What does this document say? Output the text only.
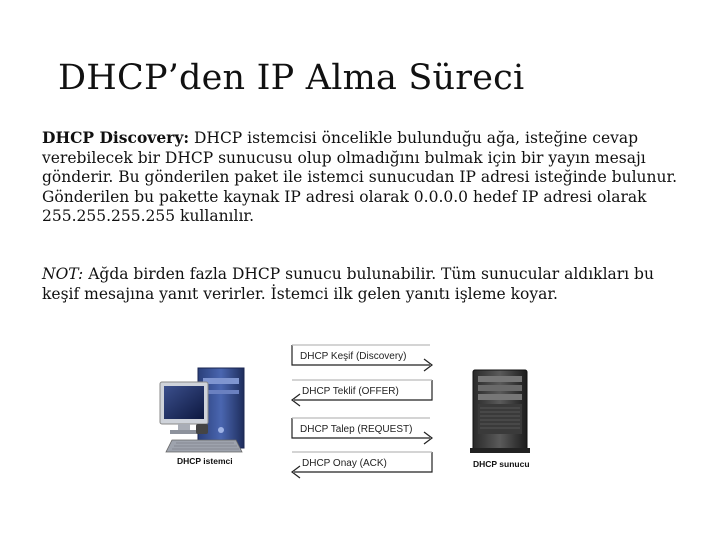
DHCP’den IP Alma Süreci
DHCP Discovery: DHCP istemcisi öncelikle bulunduğu ağa, isteğine cevap verebilecek bir DHCP sunucusu olup olmadığını bulmak için bir yayın mesajı gönderir. Bu gönderilen paket ile istemci sunucudan IP adresi isteğinde bulunur. Gönderilen bu pakette kaynak IP adresi olarak 0.0.0.0 hedef IP adresi olarak 255.255.255.255 kullanılır.
NOT: Ağda birden fazla DHCP sunucu bulunabilir. Tüm sunucular aldıkları bu keşif mesajına yanıt verirler. İstemci ilk gelen yanıtı işleme koyar.
DHCP Keşif (Discovery)
DHCP Teklif (OFFER)
DHCP Talep (REQUEST)
DHCP Onay (ACK)
DHCP istemci	DHCP sunucu
